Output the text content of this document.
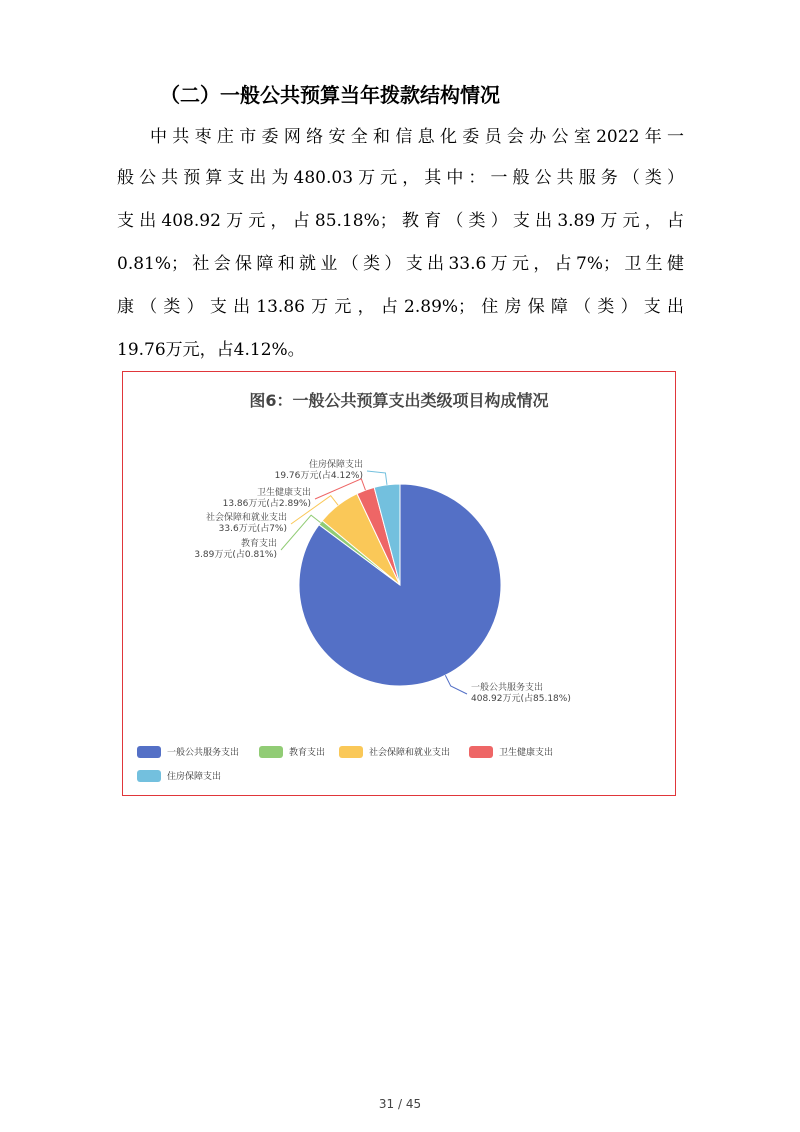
（二）一般公共预算当年拨款结构情况

中共枣庄市委网络安全和信息化委员会办公室2022年一

般公共预算支出为480.03万元，其中：一般公共服务（类）

支出408.92万元，占85.18%；教育（类）支出3.89万元，占

0.81%；社会保障和就业（类）支出33.6万元，占7%；卫生健

康（类）支出13.86万元，占2.89%；住房保障（类）支出

19.76万元，占4.12%。

图6：一般公共预算支出类级项目构成情况
一般公共服务支出
408.92万元(占85.18%)
教育支出
3.89万元(占0.81%)
社会保障和就业支出
33.6万元(占7%)
卫生健康支出
13.86万元(占2.89%)
住房保障支出
19.76万元(占4.12%)
一般公共服务支出	教育支出	社会保障和就业支出	卫生健康支出
住房保障支出
31 / 45
